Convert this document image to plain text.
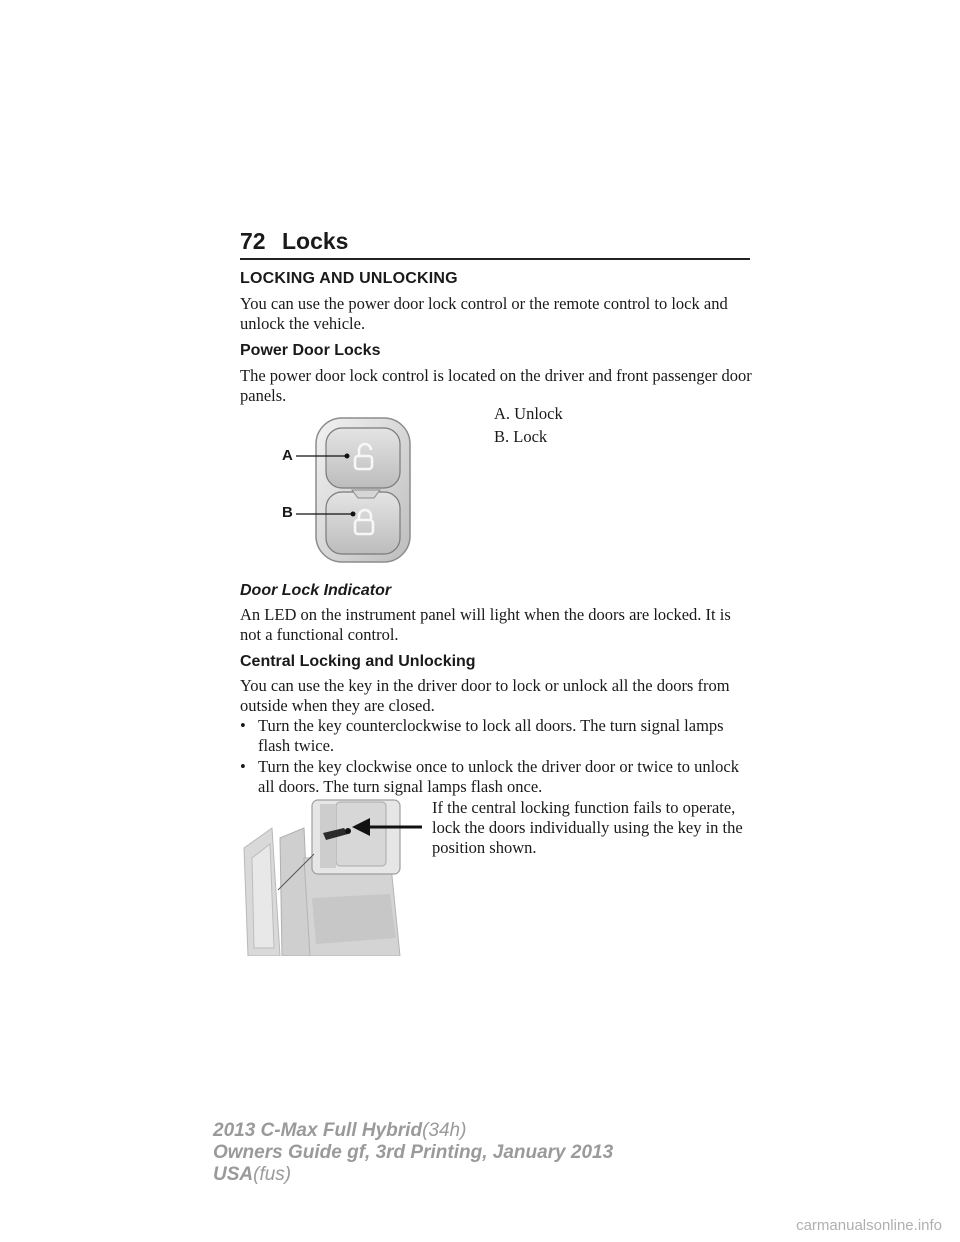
72 Locks
LOCKING AND UNLOCKING
You can use the power door lock control or the remote control to lock and unlock the vehicle.
Power Door Locks
The power door lock control is located on the driver and front passenger door panels.
A
B
A. Unlock
B. Lock
Door Lock Indicator
An LED on the instrument panel will light when the doors are locked. It is not a functional control.
Central Locking and Unlocking
You can use the key in the driver door to lock or unlock all the doors from outside when they are closed.
• Turn the key counterclockwise to lock all doors. The turn signal lamps flash twice.
• Turn the key clockwise once to unlock the driver door or twice to unlock all doors. The turn signal lamps flash once.
If the central locking function fails to operate, lock the doors individually using the key in the position shown.
2013 C-Max Full Hybrid(34h)
Owners Guide gf, 3rd Printing, January 2013
USA(fus)
carmanualsonline.info
